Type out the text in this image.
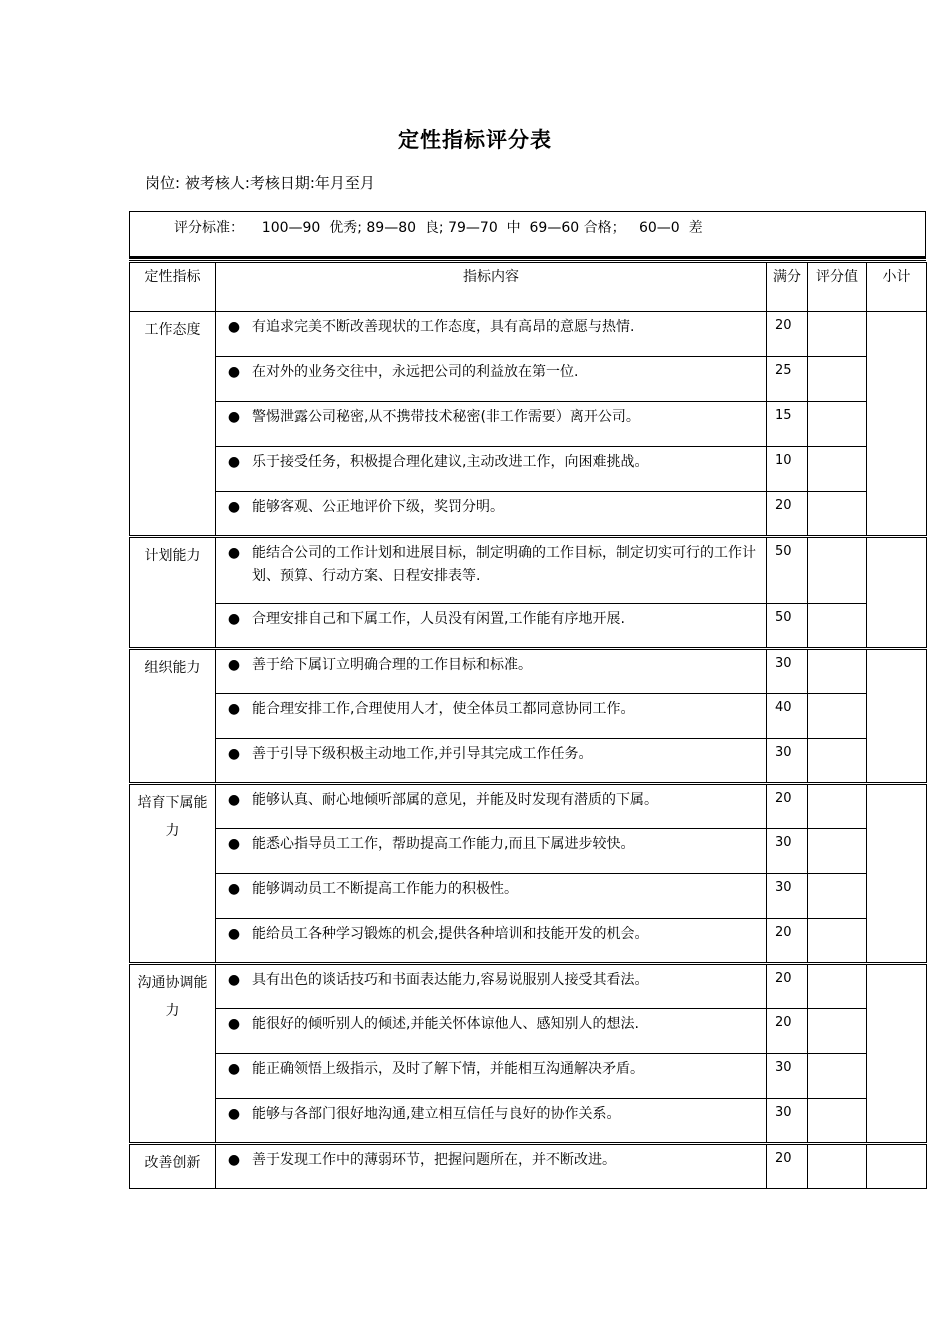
定性指标评分表
岗位: 被考核人:考核日期:年月至月
评分标准：    100—90  优秀; 89—80  良; 79—70  中  69—60 合格；   60—0  差
定性指标	指标内容	满分	评分值	小计
工作态度	● 有追求完美不断改善现状的工作态度，具有高昂的意愿与热情.	20		

	● 在对外的业务交往中，永远把公司的利益放在第一位.	25		

	● 警惕泄露公司秘密,从不携带技术秘密(非工作需要）离开公司。	15		

	● 乐于接受任务，积极提合理化建议,主动改进工作，向困难挑战。	10		

	● 能够客观、公正地评价下级，奖罚分明。	20		
计划能力	● 能结合公司的工作计划和进展目标，制定明确的工作目标，制定切实可行的工作计划、预算、行动方案、日程安排表等.	50		

	● 合理安排自己和下属工作，人员没有闲置,工作能有序地开展.	50		
组织能力	● 善于给下属订立明确合理的工作目标和标准。	30		

	● 能合理安排工作,合理使用人才，使全体员工都同意协同工作。	40		

	● 善于引导下级积极主动地工作,并引导其完成工作任务。	30		
培育下属能力	● 能够认真、耐心地倾听部属的意见，并能及时发现有潜质的下属。	20		

	● 能悉心指导员工工作，帮助提高工作能力,而且下属进步较快。	30		

	● 能够调动员工不断提高工作能力的积极性。	30		

	● 能给员工各种学习锻炼的机会,提供各种培训和技能开发的机会。	20		
沟通协调能力	● 具有出色的谈话技巧和书面表达能力,容易说服别人接受其看法。	20		

	● 能很好的倾听别人的倾述,并能关怀体谅他人、感知别人的想法.	20		

	● 能正确领悟上级指示，及时了解下情，并能相互沟通解决矛盾。	30		

	● 能够与各部门很好地沟通,建立相互信任与良好的协作关系。	30		
改善创新	● 善于发现工作中的薄弱环节，把握问题所在，并不断改进。	20		
